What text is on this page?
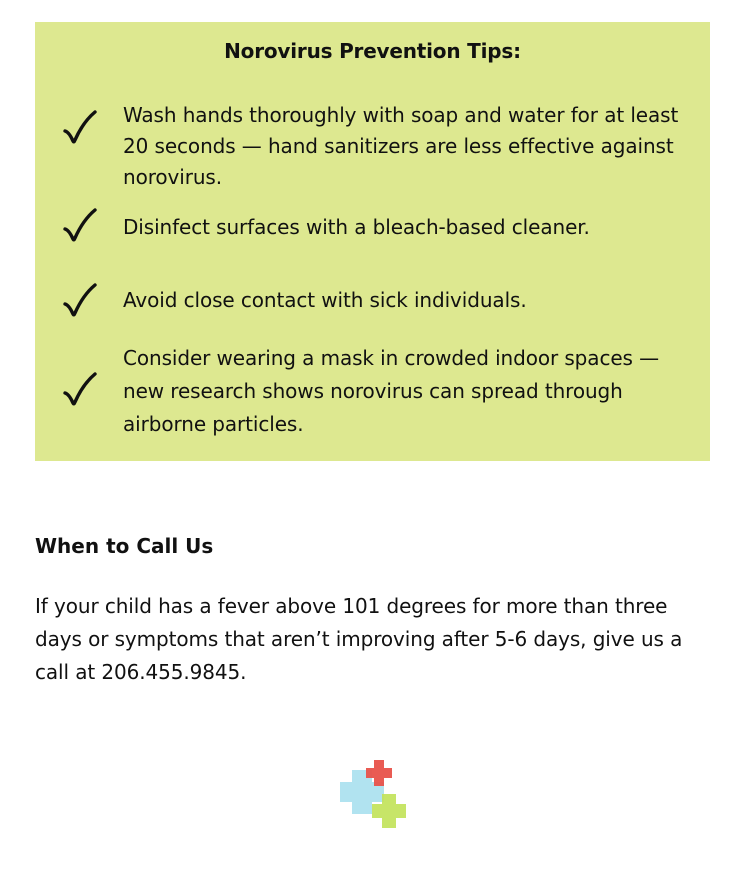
Norovirus Prevention Tips:

Wash hands thoroughly with soap and water for at least 20 seconds — hand sanitizers are less effective against norovirus.

Disinfect surfaces with a bleach-based cleaner.

Avoid close contact with sick individuals.

Consider wearing a mask in crowded indoor spaces — new research shows norovirus can spread through airborne particles.

When to Call Us

If your child has a fever above 101 degrees for more than three days or symptoms that aren’t improving after 5-6 days, give us a call at 206.455.9845.
